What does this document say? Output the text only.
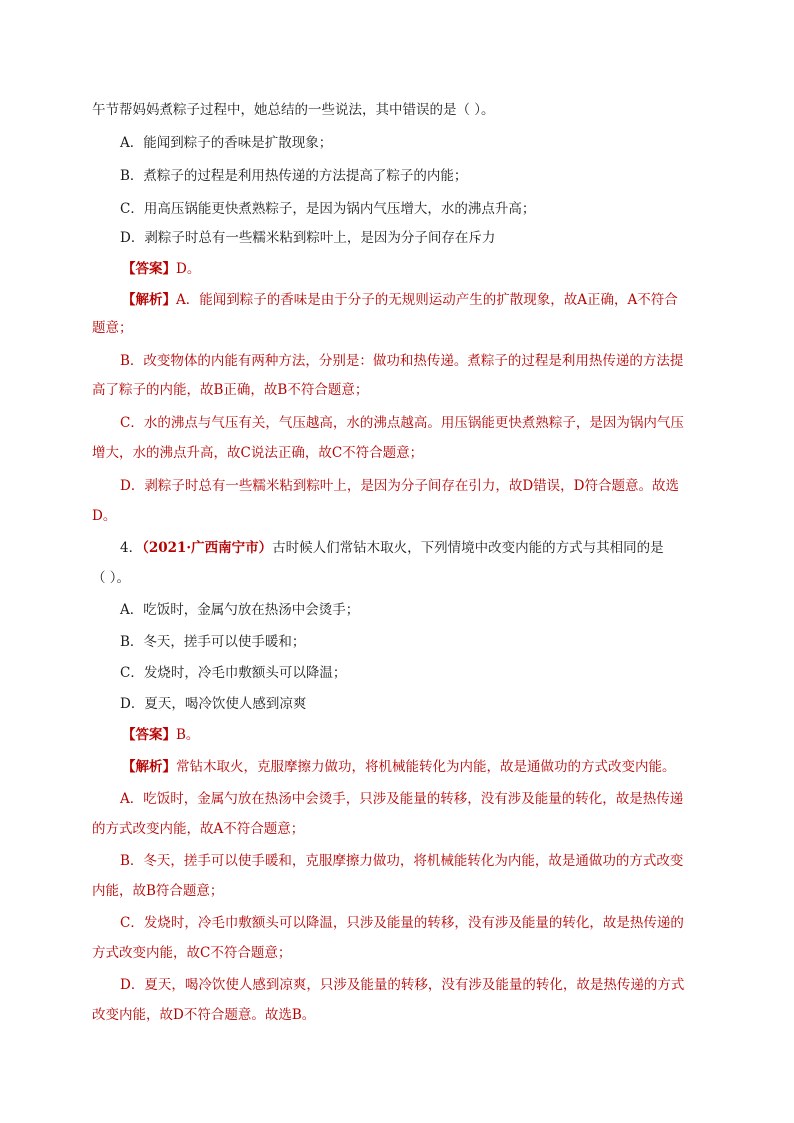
午节帮妈妈煮粽子过程中，她总结的一些说法，其中错误的是（ ）。
A．能闻到粽子的香味是扩散现象；
B．煮粽子的过程是利用热传递的方法提高了粽子的内能；
C．用高压锅能更快煮熟粽子，是因为锅内气压增大，水的沸点升高；
D．剥粽子时总有一些糯米粘到粽叶上，是因为分子间存在斥力
【答案】D。
【解析】A．能闻到粽子的香味是由于分子的无规则运动产生的扩散现象，故A正确，A不符合
题意；
B．改变物体的内能有两种方法，分别是：做功和热传递。煮粽子的过程是利用热传递的方法提
高了粽子的内能，故B正确，故B不符合题意；
C．水的沸点与气压有关，气压越高，水的沸点越高。用压锅能更快煮熟粽子，是因为锅内气压
增大，水的沸点升高，故C说法正确，故C不符合题意；
D．剥粽子时总有一些糯米粘到粽叶上，是因为分子间存在引力，故D错误，D符合题意。故选
D。
4．（2021·广西南宁市）古时候人们常钻木取火，下列情境中改变内能的方式与其相同的是
（ ）。
A．吃饭时，金属勺放在热汤中会烫手；
B．冬天，搓手可以使手暖和；
C．发烧时，冷毛巾敷额头可以降温；
D．夏天，喝冷饮使人感到凉爽
【答案】B。
【解析】常钻木取火，克服摩擦力做功，将机械能转化为内能，故是通做功的方式改变内能。
A．吃饭时，金属勺放在热汤中会烫手，只涉及能量的转移，没有涉及能量的转化，故是热传递
的方式改变内能，故A不符合题意；
B．冬天，搓手可以使手暖和，克服摩擦力做功，将机械能转化为内能，故是通做功的方式改变
内能，故B符合题意；
C．发烧时，冷毛巾敷额头可以降温，只涉及能量的转移，没有涉及能量的转化，故是热传递的
方式改变内能，故C不符合题意；
D．夏天，喝冷饮使人感到凉爽，只涉及能量的转移，没有涉及能量的转化，故是热传递的方式
改变内能，故D不符合题意。故选B。
